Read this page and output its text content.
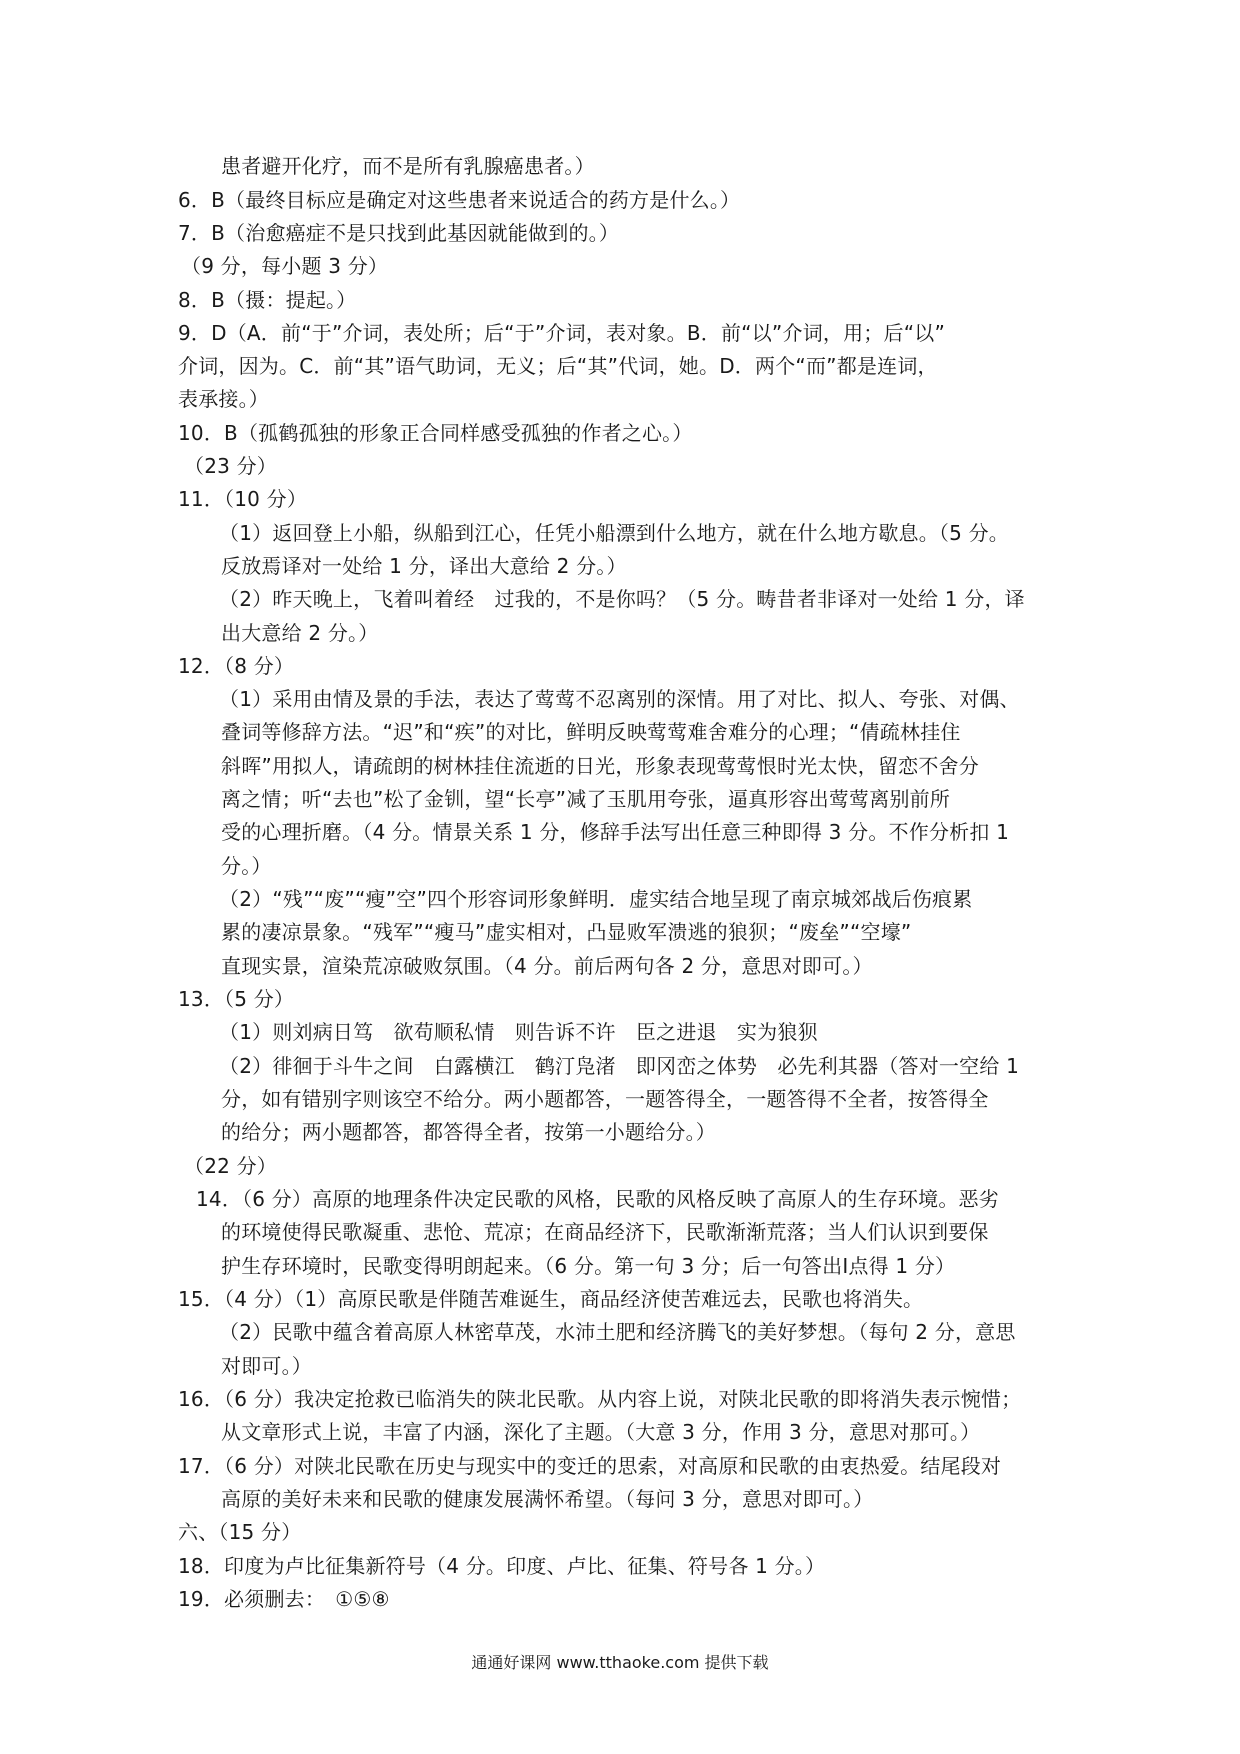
患者避开化疗，而不是所有乳腺癌患者。）
6．B（最终目标应是确定对这些患者来说适合的药方是什么。）
7．B（治愈癌症不是只找到此基因就能做到的。）
（9 分，每小题 3 分）
8．B（摄：提起。）
9．D（A．前“于”介词，表处所；后“于”介词，表对象。B．前“以”介词，用；后“以”
介词，因为。C．前“其”语气助词，无义；后“其”代词，她。D．两个“而”都是连词，
表承接。）
10．B（孤鹤孤独的形象正合同样感受孤独的作者之心。）
（23 分）
11．（10 分）
（1）返回登上小船，纵船到江心，任凭小船漂到什么地方，就在什么地方歇息。（5 分。
反放焉译对一处给 1 分，译出大意给 2 分。）
（2）昨天晚上，飞着叫着经　过我的，不是你吗？（5 分。畴昔者非译对一处给 1 分，译
出大意给 2 分。）
12．（8 分）
（1）采用由情及景的手法，表达了莺莺不忍离别的深情。用了对比、拟人、夸张、对偶、
叠词等修辞方法。“迟”和“疾”的对比，鲜明反映莺莺难舍难分的心理；“倩疏林挂住
斜晖”用拟人，请疏朗的树林挂住流逝的日光，形象表现莺莺恨时光太快，留恋不舍分
离之情；听“去也”松了金钏，望“长亭”减了玉肌用夸张，逼真形容出莺莺离别前所
受的心理折磨。（4 分。情景关系 1 分，修辞手法写出任意三种即得 3 分。不作分析扣 1
分。）
（2）“残”“废”“瘦”空”四个形容词形象鲜明．虚实结合地呈现了南京城郊战后伤痕累
累的凄凉景象。“残军”“瘦马”虚实相对，凸显败军溃逃的狼狈；“废垒”“空壕”
直现实景，渲染荒凉破败氛围。（4 分。前后两句各 2 分，意思对即可。）
13．（5 分）
（1）则刘病日笃　欲苟顺私情　则告诉不许　臣之进退　实为狼狈
（2）徘徊于斗牛之间　白露横江　鹤汀凫渚　即冈峦之体势　必先利其器（答对一空给 1
分，如有错别字则该空不给分。两小题都答，一题答得全，一题答得不全者，按答得全
的给分；两小题都答，都答得全者，按第一小题给分。）
（22 分）
14．（6 分）高原的地理条件决定民歌的风格，民歌的风格反映了高原人的生存环境。恶劣
的环境使得民歌凝重、悲怆、荒凉；在商品经济下，民歌渐渐荒落；当人们认识到要保
护生存环境时，民歌变得明朗起来。（6 分。第一句 3 分；后一句答出Ⅰ点得 1 分）
15．（4 分）（1）高原民歌是伴随苦难诞生，商品经济使苦难远去，民歌也将消失。
（2）民歌中蕴含着高原人林密草茂，水沛土肥和经济腾飞的美好梦想。（每句 2 分，意思
对即可。）
16．（6 分）我决定抢救已临消失的陕北民歌。从内容上说，对陕北民歌的即将消失表示惋惜；
从文章形式上说，丰富了内涵，深化了主题。（大意 3 分，作用 3 分，意思对那可。）
17．（6 分）对陕北民歌在历史与现实中的变迁的思索，对高原和民歌的由衷热爱。结尾段对
高原的美好未来和民歌的健康发展满怀希望。（每问 3 分，意思对即可。）
六、（15 分）
18．印度为卢比征集新符号（4 分。印度、卢比、征集、符号各 1 分。）
19．必须删去：　①⑤⑧
通通好课网 www.tthaoke.com 提供下载
